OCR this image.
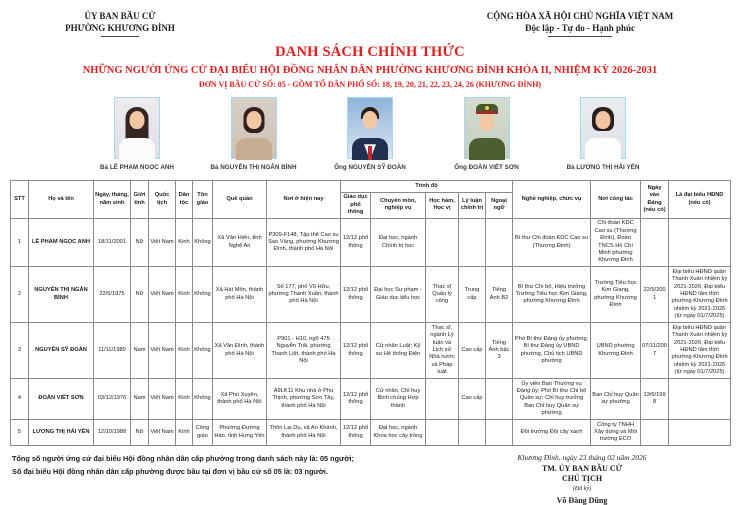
ỦY BAN BẦU CỬ
PHƯỜNG KHƯƠNG ĐÌNH
CỘNG HÒA XÃ HỘI CHỦ NGHĨA VIỆT NAM
Độc lập - Tự do - Hạnh phúc
DANH SÁCH CHÍNH THỨC
NHỮNG NGƯỜI ỨNG CỬ ĐẠI BIỂU HỘI ĐỒNG NHÂN DÂN PHƯỜNG KHƯƠNG ĐÌNH KHÓA II, NHIỆM KỲ 2026-2031
ĐƠN VỊ BẦU CỬ SỐ: 05 - GỒM TỔ DÂN PHỐ SỐ: 18, 19, 20, 21, 22, 23, 24, 26 (KHƯƠNG ĐÌNH)
Bà LÊ PHẠM NGỌC ANH	Bà NGUYỄN THỊ NGÂN BÌNH	Ông NGUYỄN SỸ ĐOÀN	Ông ĐOÀN VIẾT SƠN	Bà LƯƠNG THỊ HẢI YẾN
STT	Họ và tên	Ngày, tháng, năm sinh	Giới tính	Quốc tịch	Dân tộc	Tôn giáo	Quê quán	Nơi ở hiện nay	Trình độ					Nghề nghiệp, chức vụ	Nơi công tác	Ngày vào Đảng (nếu có)	Là đại biểu HĐND (nếu có)
									Giáo dục phổ thông	Chuyên môn, nghiệp vụ	Học hàm, Học vị	Lý luận chính trị	Ngoại ngữ				
1	LÊ PHẠM NGỌC ANH	18/11/2001	Nữ	Việt Nam	Kinh	Không	Xã Văn Hiến, tỉnh Nghệ An	P309-F148, Tập thể Cao su Sao Vàng, phường Khương Đình, thành phố Hà Nội	12/12 phổ thông	Đại học, ngành Chính trị học				Bí thư Chi đoàn KDC Cao su (Thượng Đình)	Chi đoàn KDC Cao su (Thượng Đình), Đoàn TNCS Hồ Chí Minh phường Khương Đình		
2	NGUYỄN THỊ NGÂN BÌNH	22/5/1975	Nữ	Việt Nam	Kinh	Không	Xã Hát Môn, thành phố Hà Nội	Số 177, phố Vũ Hữu, phường Thanh Xuân, thành phố Hà Nội	12/12 phổ thông	Đại học Sư phạm - Giáo dục tiểu học	Thạc sĩ Quản lý công	Trung cấp	Tiếng Anh B2	Bí thư Chi bộ, Hiệu trưởng Trường Tiểu học Kim Giang, phường Khương Đình	Trường Tiểu học Kim Giang, phường Khương Đình	22/5/2001	Đại biểu HĐND quận Thanh Xuân nhiệm kỳ 2021-2026; Đại biểu HĐND lâm thời phường Khương Đình nhiệm kỳ 2021-2026 (từ ngày 01/7/2025)
3	NGUYỄN SỸ ĐOÀN	11/11/1980	Nam	Việt Nam	Kinh	Không	Xã Vân Đình, thành phố Hà Nội	P901 - H10, ngõ 475 Nguyễn Trãi, phường Thanh Liệt, thành phố Hà Nội	12/12 phổ thông	Cử nhân Luật; Kỹ sư Hệ thống Điện	Thạc sĩ, ngành Lý luận và Lịch sử Nhà nước và Pháp luật	Cao cấp	Tiếng Anh bậc 3	Phó Bí thư Đảng ủy phường, Bí thư Đảng ủy UBND phường, Chủ tịch UBND phường	UBND phường Khương Đình	07/11/2007	Đại biểu HĐND quận Thanh Xuân nhiệm kỳ 2021-2026; Đại biểu HĐND lâm thời phường Khương Đình nhiệm kỳ 2021-2026 (từ ngày 01/7/2025)
4	ĐOÀN VIẾT SƠN	03/12/1976	Nam	Việt Nam	Kinh	Không	Xã Phú Xuyên, thành phố Hà Nội	A9LK11 Khu nhà ở Phú Thịnh, phường Sơn Tây, thành phố Hà Nội	12/12 phổ thông	Cử nhân, Chỉ huy Binh chủng Hợp thành		Cao cấp		Ủy viên Ban Thường vụ Đảng ủy; Phó Bí thư Chi bộ Quân sự; Chỉ huy trưởng Ban Chỉ huy Quân sự phường	Ban Chỉ huy Quân sự phường	13/6/1998	
5	LƯƠNG THỊ HẢI YẾN	12/10/1988	Nữ	Việt Nam	Kinh	Công giáo	Phường Đường Hào, tỉnh Hưng Yên	Thôn Lại Dụ, xã An Khánh, thành phố Hà Nội	12/12 phổ thông	Đại học, ngành Khoa học cây trồng				Đội trưởng Đội cây xanh	Công ty TNHH Xây dựng và Môi trường ECO		
Tổng số người ứng cử đại biểu Hội đồng nhân dân cấp phường trong danh sách này là: 05 người;
Số đại biểu Hội đồng nhân dân cấp phường được bầu tại đơn vị bầu cử số 05 là: 03 người.
Khương Đình, ngày 23 tháng 02 năm 2026
TM. ỦY BAN BẦU CỬ
CHỦ TỊCH
(Đã ký)
Võ Đăng Dũng
